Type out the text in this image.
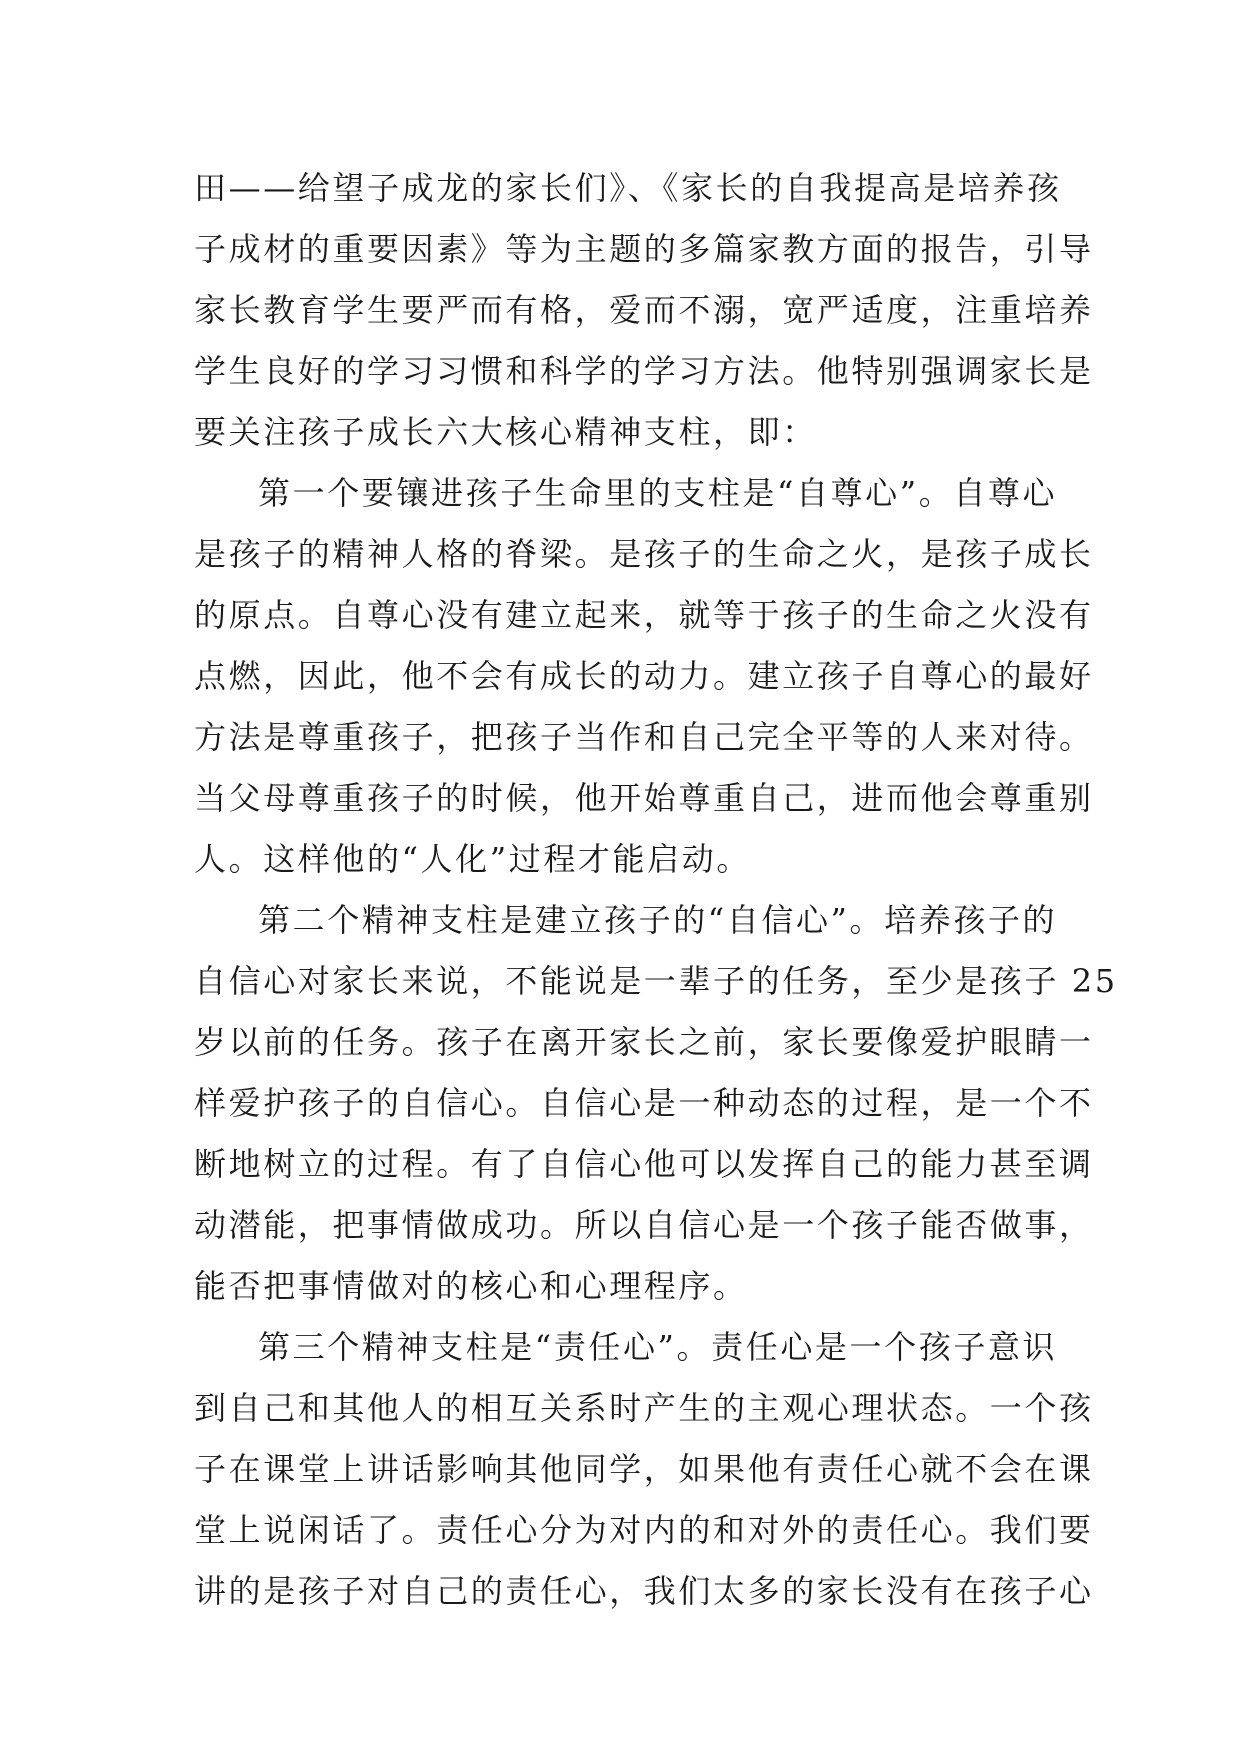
田——给望子成龙的家长们》、《家长的自我提高是培养孩
子成材的重要因素》等为主题的多篇家教方面的报告，引导
家长教育学生要严而有格，爱而不溺，宽严适度，注重培养
学生良好的学习习惯和科学的学习方法。他特别强调家长是
要关注孩子成长六大核心精神支柱，即：
第一个要镶进孩子生命里的支柱是“自尊心”。自尊心
是孩子的精神人格的脊梁。是孩子的生命之火，是孩子成长
的原点。自尊心没有建立起来，就等于孩子的生命之火没有
点燃，因此，他不会有成长的动力。建立孩子自尊心的最好
方法是尊重孩子，把孩子当作和自己完全平等的人来对待。
当父母尊重孩子的时候，他开始尊重自己，进而他会尊重别
人。这样他的“人化”过程才能启动。
第二个精神支柱是建立孩子的“自信心”。培养孩子的
自信心对家长来说，不能说是一辈子的任务，至少是孩子 25
岁以前的任务。孩子在离开家长之前，家长要像爱护眼睛一
样爱护孩子的自信心。自信心是一种动态的过程，是一个不
断地树立的过程。有了自信心他可以发挥自己的能力甚至调
动潜能，把事情做成功。所以自信心是一个孩子能否做事，
能否把事情做对的核心和心理程序。
第三个精神支柱是“责任心”。责任心是一个孩子意识
到自己和其他人的相互关系时产生的主观心理状态。一个孩
子在课堂上讲话影响其他同学，如果他有责任心就不会在课
堂上说闲话了。责任心分为对内的和对外的责任心。我们要
讲的是孩子对自己的责任心，我们太多的家长没有在孩子心
